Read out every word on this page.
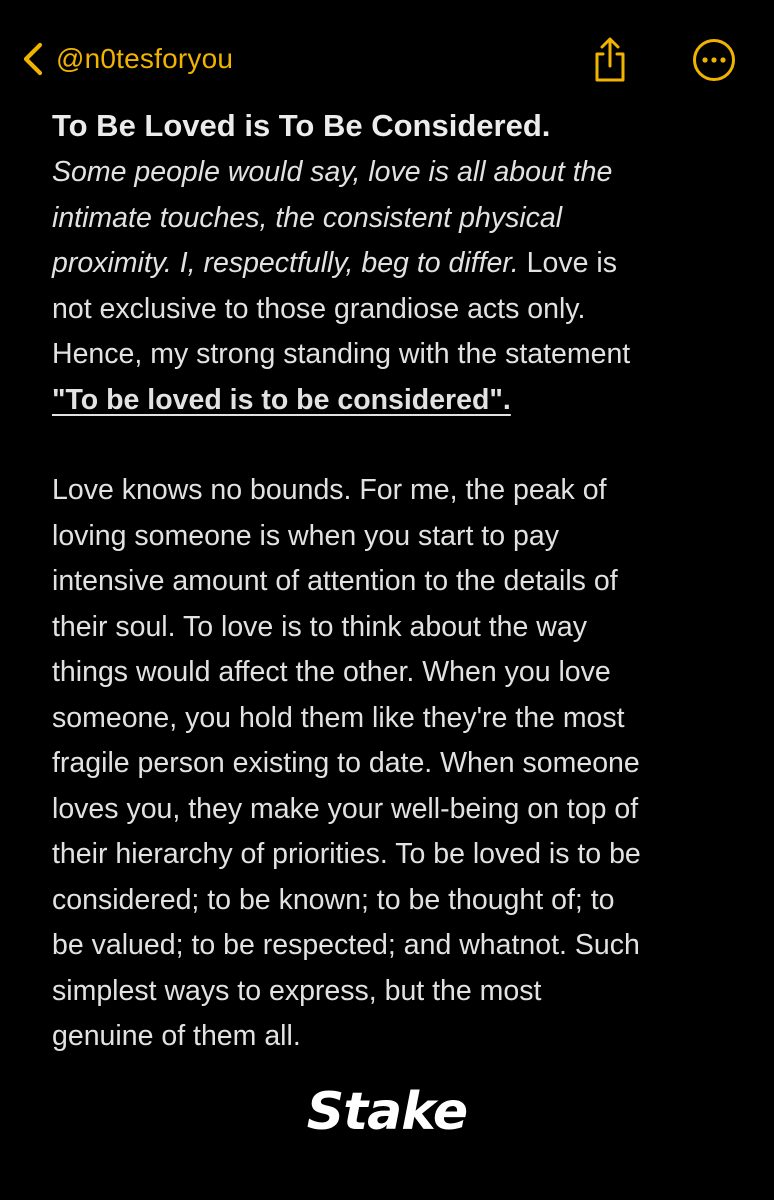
@n0tesforyou
To Be Loved is To Be Considered.

Some people would say, love is all about the
intimate touches, the consistent physical
proximity. I, respectfully, beg to differ. Love is
not exclusive to those grandiose acts only.
Hence, my strong standing with the statement
"To be loved is to be considered".

Love knows no bounds. For me, the peak of
loving someone is when you start to pay
intensive amount of attention to the details of
their soul. To love is to think about the way
things would affect the other. When you love
someone, you hold them like they're the most
fragile person existing to date. When someone
loves you, they make your well-being on top of
their hierarchy of priorities. To be loved is to be
considered; to be known; to be thought of; to
be valued; to be respected; and whatnot. Such
simplest ways to express, but the most
genuine of them all.

Stake
